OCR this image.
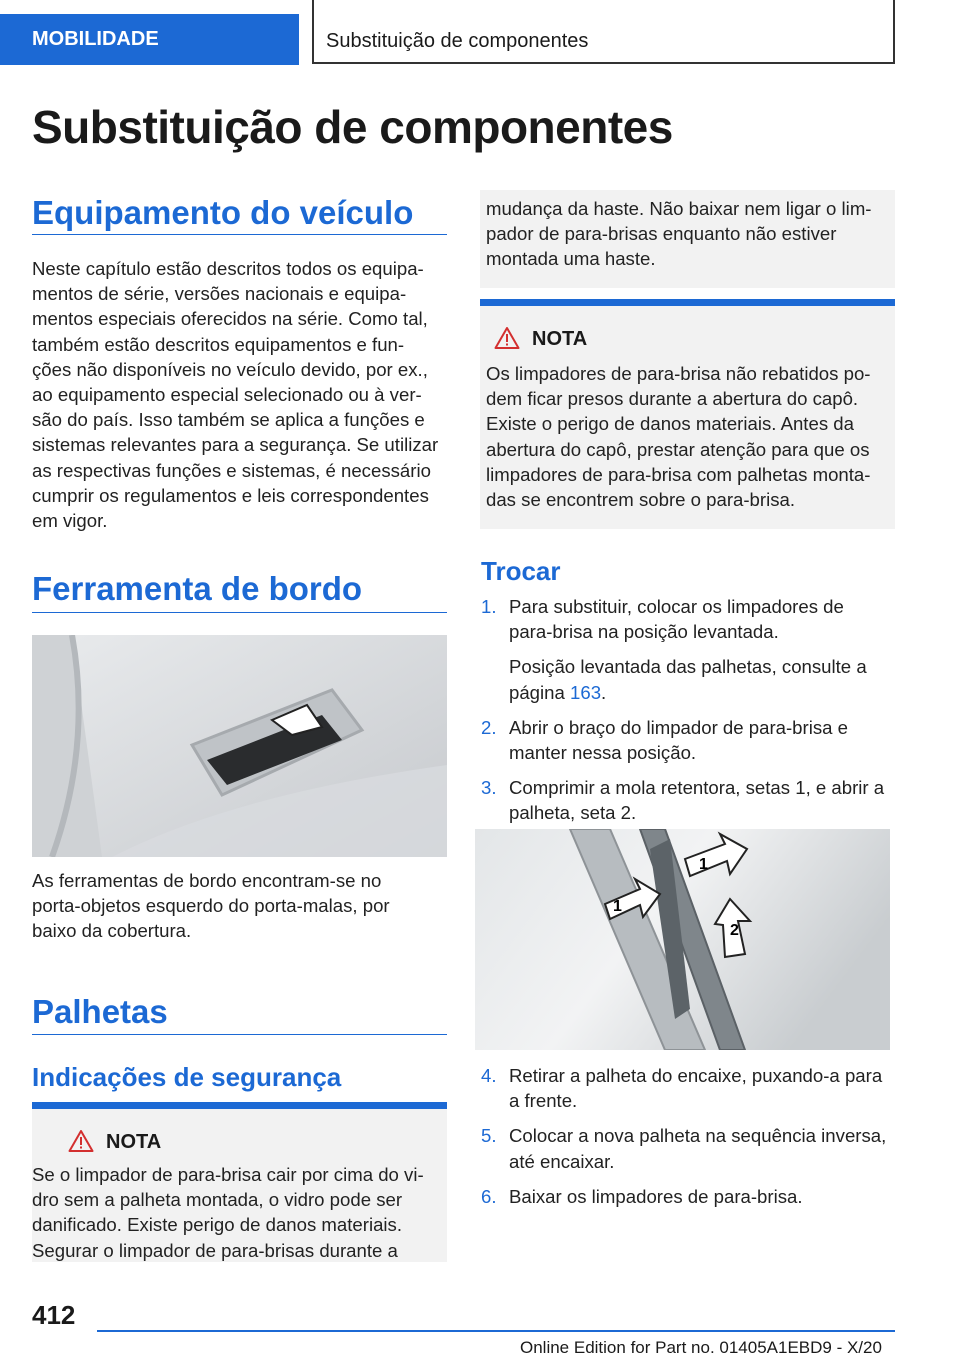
MOBILIDADE	Substituição de componentes
Substituição de componentes
Equipamento do veículo
Neste capítulo estão descritos todos os equipa-
mentos de série, versões nacionais e equipa-
mentos especiais oferecidos na série. Como tal,
também estão descritos equipamentos e fun-
ções não disponíveis no veículo devido, por ex.,
ao equipamento especial selecionado ou à ver-
são do país. Isso também se aplica a funções e
sistemas relevantes para a segurança. Se utilizar
as respectivas funções e sistemas, é necessário
cumprir os regulamentos e leis correspondentes
em vigor.
Ferramenta de bordo
As ferramentas de bordo encontram-se no
porta-objetos esquerdo do porta-malas, por
baixo da cobertura.
Palhetas
Indicações de segurança
NOTA
Se o limpador de para-brisa cair por cima do vi-
dro sem a palheta montada, o vidro pode ser
danificado. Existe perigo de danos materiais.
Segurar o limpador de para-brisas durante a
mudança da haste. Não baixar nem ligar o lim-
pador de para-brisas enquanto não estiver
montada uma haste.
NOTA
Os limpadores de para-brisa não rebatidos po-
dem ficar presos durante a abertura do capô.
Existe o perigo de danos materiais. Antes da
abertura do capô, prestar atenção para que os
limpadores de para-brisa com palhetas monta-
das se encontrem sobre o para-brisa.
Trocar
1. Para substituir, colocar os limpadores de
para-brisa na posição levantada.
Posição levantada das palhetas, consulte a
página 163.
2. Abrir o braço do limpador de para-brisa e
manter nessa posição.
3. Comprimir a mola retentora, setas 1, e abrir a
palheta, seta 2.
1
1
2
4. Retirar a palheta do encaixe, puxando-a para
a frente.
5. Colocar a nova palheta na sequência inversa,
até encaixar.
6. Baixar os limpadores de para-brisa.
412
Online Edition for Part no. 01405A1EBD9 - X/20
